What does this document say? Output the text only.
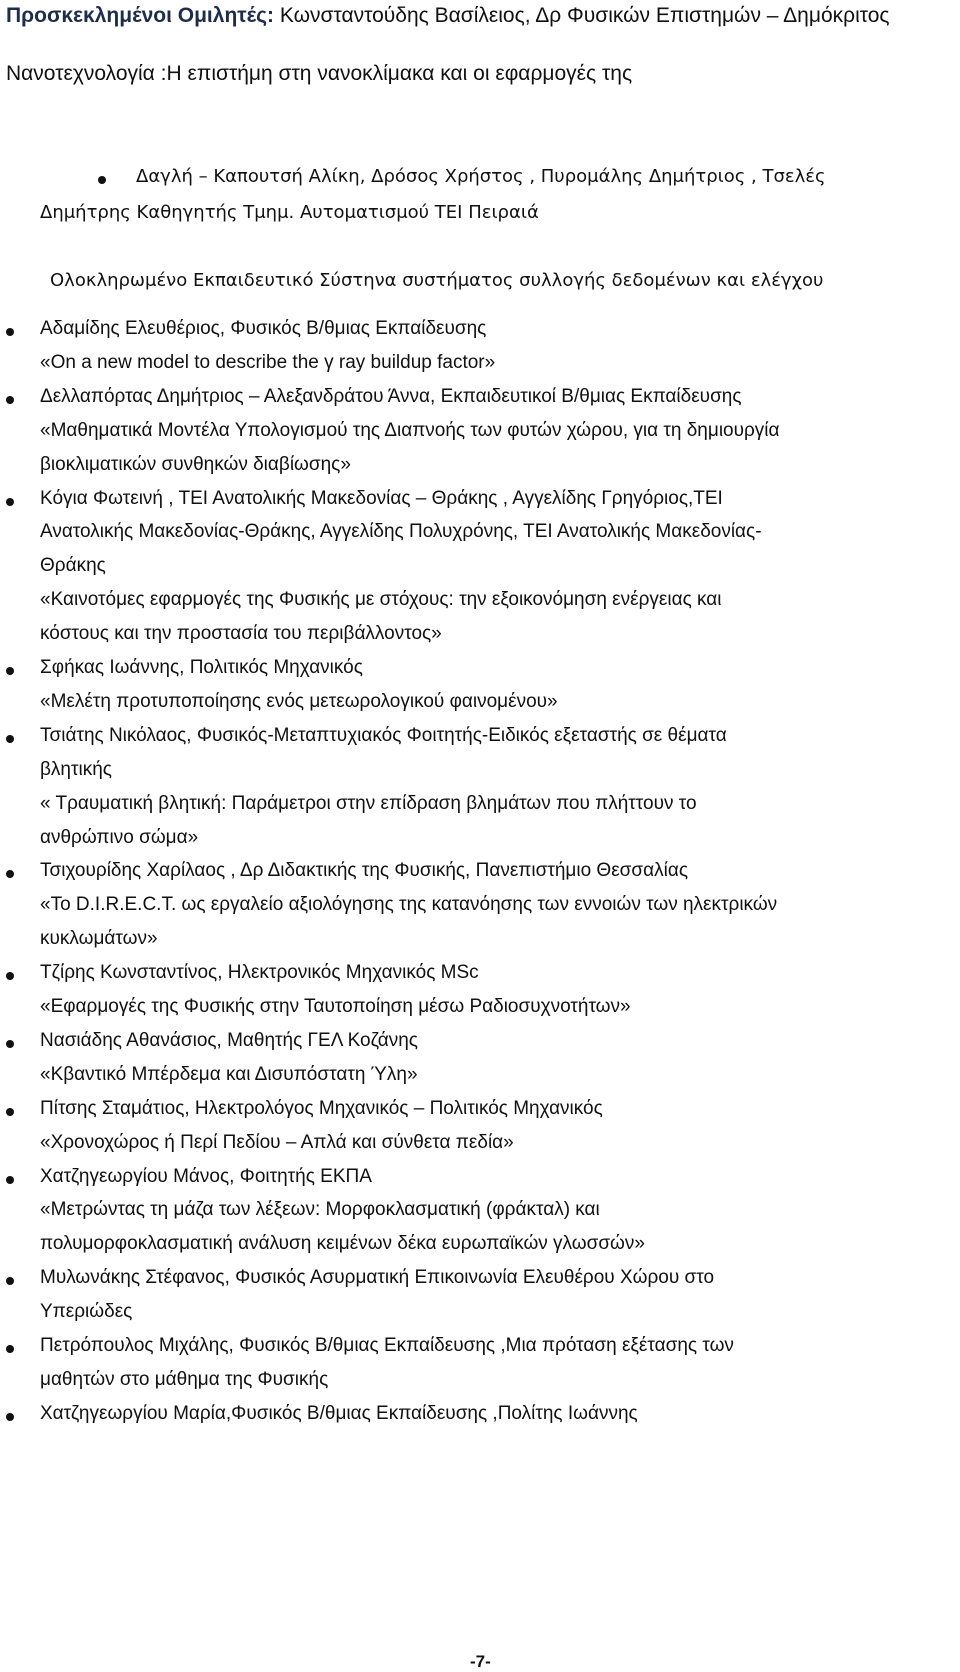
Προσκεκλημένοι Ομιλητές: Κωνσταντούδης Βασίλειος, Δρ Φυσικών Επιστημών – Δημόκριτος
Νανοτεχνολογία :Η επιστήμη στη νανοκλίμακα και οι εφαρμογές της
Δαγλή – Καπουτσή Αλίκη, Δρόσος Χρήστος , Πυρομάλης Δημήτριος , Τσελές
Δημήτρης Καθηγητής Τμημ. Αυτοματισμού ΤΕΙ Πειραιά
Ολοκληρωμένο Εκπαιδευτικό Σύστηνα συστήματος συλλογής δεδομένων και ελέγχου
Αδαμίδης Ελευθέριος, Φυσικός Β/θμιας Εκπαίδευσης
«On a new model to describe the γ ray buildup factor»
Δελλαπόρτας Δημήτριος – Αλεξανδράτου Άννα, Εκπαιδευτικοί Β/θμιας Εκπαίδευσης
«Μαθηματικά Μοντέλα Υπολογισμού της Διαπνοής των φυτών χώρου, για τη δημιουργία
βιοκλιματικών συνθηκών διαβίωσης»
Κόγια Φωτεινή , ΤΕΙ Ανατολικής Μακεδονίας – Θράκης , Αγγελίδης Γρηγόριος,ΤΕΙ
Ανατολικής Μακεδονίας-Θράκης, Αγγελίδης Πολυχρόνης, ΤΕΙ Ανατολικής Μακεδονίας-
Θράκης
«Καινοτόμες εφαρμογές της Φυσικής με στόχους: την εξοικονόμηση ενέργειας και
κόστους και την προστασία του περιβάλλοντος»
Σφήκας Ιωάννης, Πολιτικός Μηχανικός
«Μελέτη προτυποποίησης ενός μετεωρολογικού φαινομένου»
Τσιάτης Νικόλαος, Φυσικός-Μεταπτυχιακός Φοιτητής-Ειδικός εξεταστής σε θέματα
βλητικής
« Τραυματική βλητική: Παράμετροι στην επίδραση βλημάτων που πλήττουν το
ανθρώπινο σώμα»
Τσιχουρίδης Χαρίλαος , Δρ Διδακτικής της Φυσικής, Πανεπιστήμιο Θεσσαλίας
«Το D.I.R.E.C.T. ως εργαλείο αξιολόγησης της κατανόησης των εννοιών των ηλεκτρικών
κυκλωμάτων»
Τζίρης Κωνσταντίνος, Ηλεκτρονικός Μηχανικός MSc
«Εφαρμογές της Φυσικής στην Ταυτοποίηση μέσω Ραδιοσυχνοτήτων»
Νασιάδης Αθανάσιος, Μαθητής ΓΕΛ Κοζάνης
«Κβαντικό Μπέρδεμα και Δισυπόστατη Ύλη»
Πίτσης Σταμάτιος, Ηλεκτρολόγος Μηχανικός – Πολιτικός Μηχανικός
«Χρονοχώρος ή Περί Πεδίου – Απλά και σύνθετα πεδία»
Χατζηγεωργίου Μάνος, Φοιτητής ΕΚΠΑ
«Μετρώντας τη μάζα των λέξεων: Μορφοκλασματική (φράκταλ) και
πολυμορφοκλασματική ανάλυση κειμένων δέκα ευρωπαϊκών γλωσσών»
Μυλωνάκης Στέφανος, Φυσικός Ασυρματική Επικοινωνία Ελευθέρου Χώρου στο
Υπεριώδες
Πετρόπουλος Μιχάλης, Φυσικός Β/θμιας Εκπαίδευσης ,Μια πρόταση εξέτασης των
μαθητών στο μάθημα της Φυσικής
Χατζηγεωργίου Μαρία,Φυσικός Β/θμιας Εκπαίδευσης ,Πολίτης Ιωάννης
-7-
